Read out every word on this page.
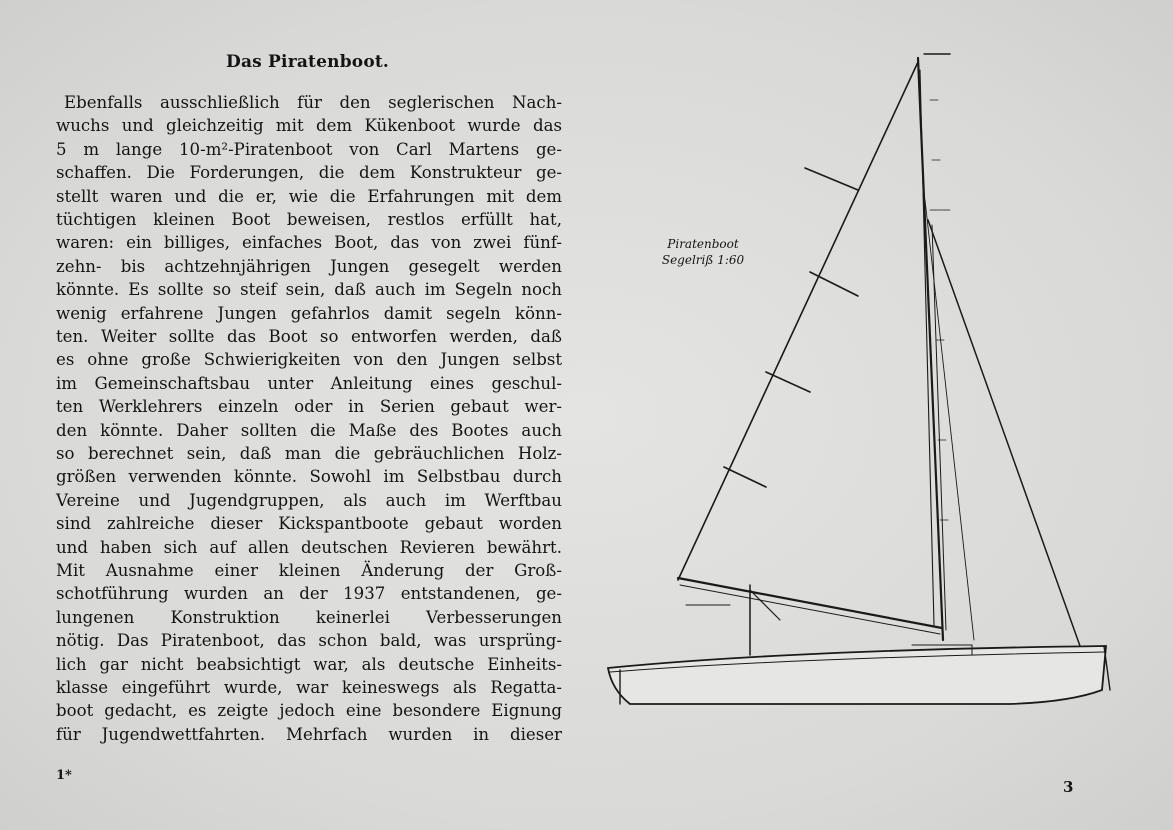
Das Piratenboot.
Ebenfalls ausschließlich für den seglerischen Nach-
wuchs und gleichzeitig mit dem Kükenboot wurde das
5 m lange 10-m²-Piratenboot von Carl Martens ge-
schaffen. Die Forderungen, die dem Konstrukteur ge-
stellt waren und die er, wie die Erfahrungen mit dem
tüchtigen kleinen Boot beweisen, restlos erfüllt hat,
waren: ein billiges, einfaches Boot, das von zwei fünf-
zehn- bis achtzehnjährigen Jungen gesegelt werden
könnte. Es sollte so steif sein, daß auch im Segeln noch
wenig erfahrene Jungen gefahrlos damit segeln könn-
ten. Weiter sollte das Boot so entworfen werden, daß
es ohne große Schwierigkeiten von den Jungen selbst
im Gemeinschaftsbau unter Anleitung eines geschul-
ten Werklehrers einzeln oder in Serien gebaut wer-
den könnte. Daher sollten die Maße des Bootes auch
so berechnet sein, daß man die gebräuchlichen Holz-
größen verwenden könnte. Sowohl im Selbstbau durch
Vereine und Jugendgruppen, als auch im Werftbau
sind zahlreiche dieser Kickspantboote gebaut worden
und haben sich auf allen deutschen Revieren bewährt.
Mit Ausnahme einer kleinen Änderung der Groß-
schotführung wurden an der 1937 entstandenen, ge-
lungenen Konstruktion keinerlei Verbesserungen
nötig. Das Piratenboot, das schon bald, was ursprüng-
lich gar nicht beabsichtigt war, als deutsche Einheits-
klasse eingeführt wurde, war keineswegs als Regatta-
boot gedacht, es zeigte jedoch eine besondere Eignung
für Jugendwettfahrten. Mehrfach wurden in dieser
Piratenboot
Segelriß 1:60
1*
3
